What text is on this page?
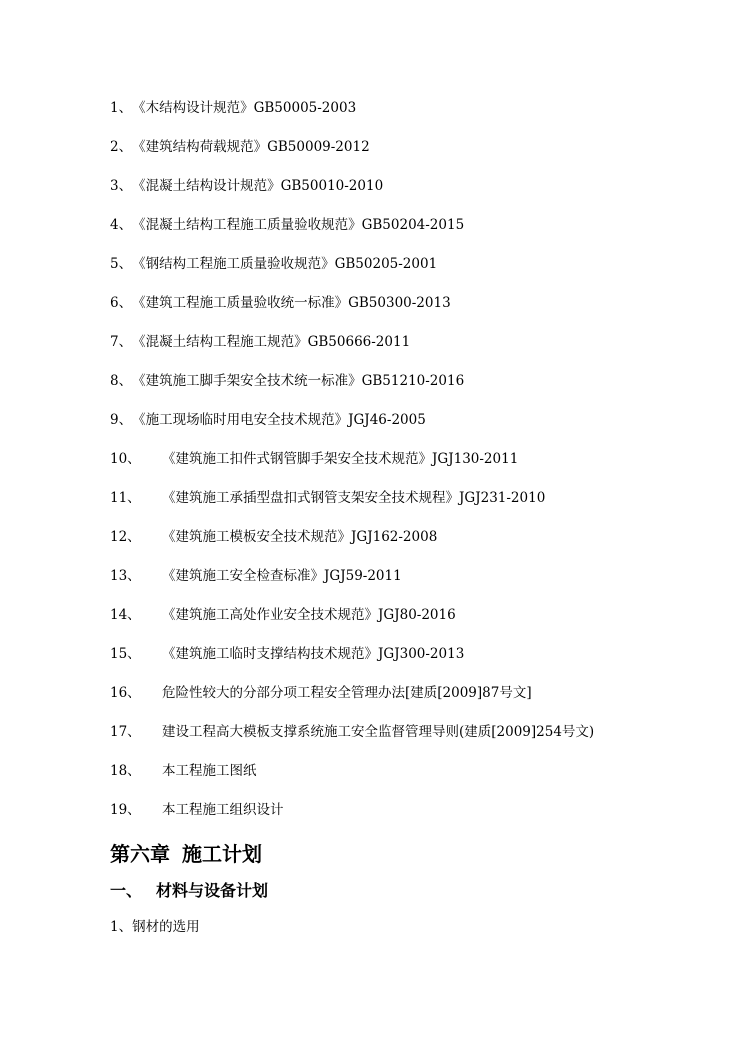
1、《木结构设计规范》GB50005-2003
2、《建筑结构荷载规范》GB50009-2012
3、《混凝土结构设计规范》GB50010-2010
4、《混凝土结构工程施工质量验收规范》GB50204-2015
5、《钢结构工程施工质量验收规范》GB50205-2001
6、《建筑工程施工质量验收统一标准》GB50300-2013
7、《混凝土结构工程施工规范》GB50666-2011
8、《建筑施工脚手架安全技术统一标准》GB51210-2016
9、《施工现场临时用电安全技术规范》JGJ46-2005
10、 《建筑施工扣件式钢管脚手架安全技术规范》JGJ130-2011
11、 《建筑施工承插型盘扣式钢管支架安全技术规程》JGJ231-2010
12、 《建筑施工模板安全技术规范》JGJ162-2008
13、 《建筑施工安全检查标准》JGJ59-2011
14、 《建筑施工高处作业安全技术规范》JGJ80-2016
15、 《建筑施工临时支撑结构技术规范》JGJ300-2013
16、 危险性较大的分部分项工程安全管理办法[建质[2009]87号文]
17、 建设工程高大模板支撑系统施工安全监督管理导则(建质[2009]254号文)
18、 本工程施工图纸
19、 本工程施工组织设计
第六章 施工计划
一、 材料与设备计划
1、钢材的选用
